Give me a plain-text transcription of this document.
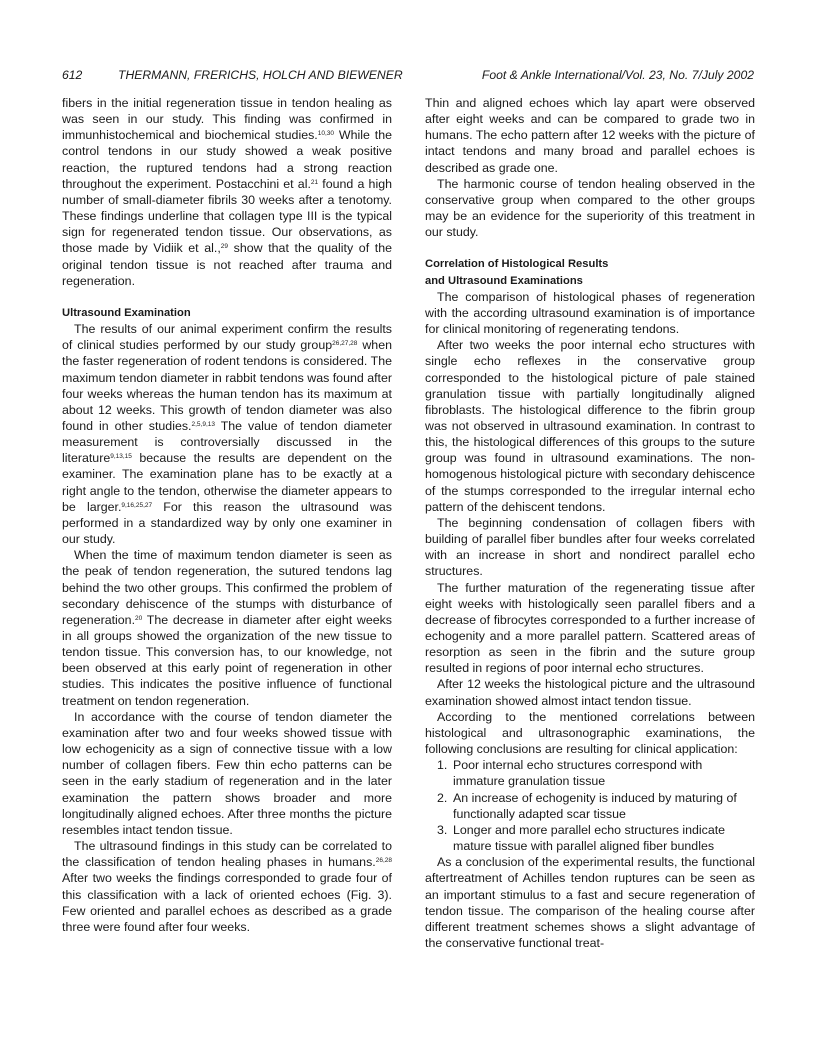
612	THERMANN, FRERICHS, HOLCH AND BIEWENER	Foot & Ankle International/Vol. 23, No. 7/July 2002

fibers in the initial regeneration tissue in tendon healing as was seen in our study. This finding was confirmed in immunhistochemical and biochemical studies.$^{10,30}$ While the control tendons in our study showed a weak positive reaction, the ruptured tendons had a strong reaction throughout the experiment. Postacchini et al.$^{21}$ found a high number of small-diameter fibrils 30 weeks after a tenotomy. These findings underline that collagen type III is the typical sign for regenerated tendon tissue. Our observations, as those made by Vidiik et al.,$^{29}$ show that the quality of the original tendon tissue is not reached after trauma and regeneration.

Ultrasound Examination

The results of our animal experiment confirm the results of clinical studies performed by our study group$^{26,27,28}$ when the faster regeneration of rodent tendons is considered. The maximum tendon diameter in rabbit tendons was found after four weeks whereas the human tendon has its maximum at about 12 weeks. This growth of tendon diameter was also found in other studies.$^{2,5,9,13}$ The value of tendon diameter measurement is controversially discussed in the literature$^{9,13,15}$ because the results are dependent on the examiner. The examination plane has to be exactly at a right angle to the tendon, otherwise the diameter appears to be larger.$^{9,16,25,27}$ For this reason the ultrasound was performed in a standardized way by only one examiner in our study.

When the time of maximum tendon diameter is seen as the peak of tendon regeneration, the sutured tendons lag behind the two other groups. This confirmed the problem of secondary dehiscence of the stumps with disturbance of regeneration.$^{20}$ The decrease in diameter after eight weeks in all groups showed the organization of the new tissue to tendon tissue. This conversion has, to our knowledge, not been observed at this early point of regeneration in other studies. This indicates the positive influence of functional treatment on tendon regeneration.

In accordance with the course of tendon diameter the examination after two and four weeks showed tissue with low echogenicity as a sign of connective tissue with a low number of collagen fibers. Few thin echo patterns can be seen in the early stadium of regeneration and in the later examination the pattern shows broader and more longitudinally aligned echoes. After three months the picture resembles intact tendon tissue.

The ultrasound findings in this study can be correlated to the classification of tendon healing phases in humans.$^{26,28}$ After two weeks the findings corresponded to grade four of this classification with a lack of oriented echoes (Fig. 3). Few oriented and parallel echoes as described as a grade three were found after four weeks.

Thin and aligned echoes which lay apart were observed after eight weeks and can be compared to grade two in humans. The echo pattern after 12 weeks with the picture of intact tendons and many broad and parallel echoes is described as grade one.

The harmonic course of tendon healing observed in the conservative group when compared to the other groups may be an evidence for the superiority of this treatment in our study.

Correlation of Histological Results
and Ultrasound Examinations

The comparison of histological phases of regeneration with the according ultrasound examination is of importance for clinical monitoring of regenerating tendons.

After two weeks the poor internal echo structures with single echo reflexes in the conservative group corresponded to the histological picture of pale stained granulation tissue with partially longitudinally aligned fibroblasts. The histological difference to the fibrin group was not observed in ultrasound examination. In contrast to this, the histological differences of this groups to the suture group was found in ultrasound examinations. The non-homogenous histological picture with secondary dehiscence of the stumps corresponded to the irregular internal echo pattern of the dehiscent tendons.

The beginning condensation of collagen fibers with building of parallel fiber bundles after four weeks correlated with an increase in short and nondirect parallel echo structures.

The further maturation of the regenerating tissue after eight weeks with histologically seen parallel fibers and a decrease of fibrocytes corresponded to a further increase of echogenity and a more parallel pattern. Scattered areas of resorption as seen in the fibrin and the suture group resulted in regions of poor internal echo structures.

After 12 weeks the histological picture and the ultrasound examination showed almost intact tendon tissue.

According to the mentioned correlations between histological and ultrasonographic examinations, the following conclusions are resulting for clinical application:

1. Poor internal echo structures correspond with immature granulation tissue
2. An increase of echogenity is induced by maturing of functionally adapted scar tissue
3. Longer and more parallel echo structures indicate mature tissue with parallel aligned fiber bundles

As a conclusion of the experimental results, the functional aftertreatment of Achilles tendon ruptures can be seen as an important stimulus to a fast and secure regeneration of tendon tissue. The comparison of the healing course after different treatment schemes shows a slight advantage of the conservative functional treat-
